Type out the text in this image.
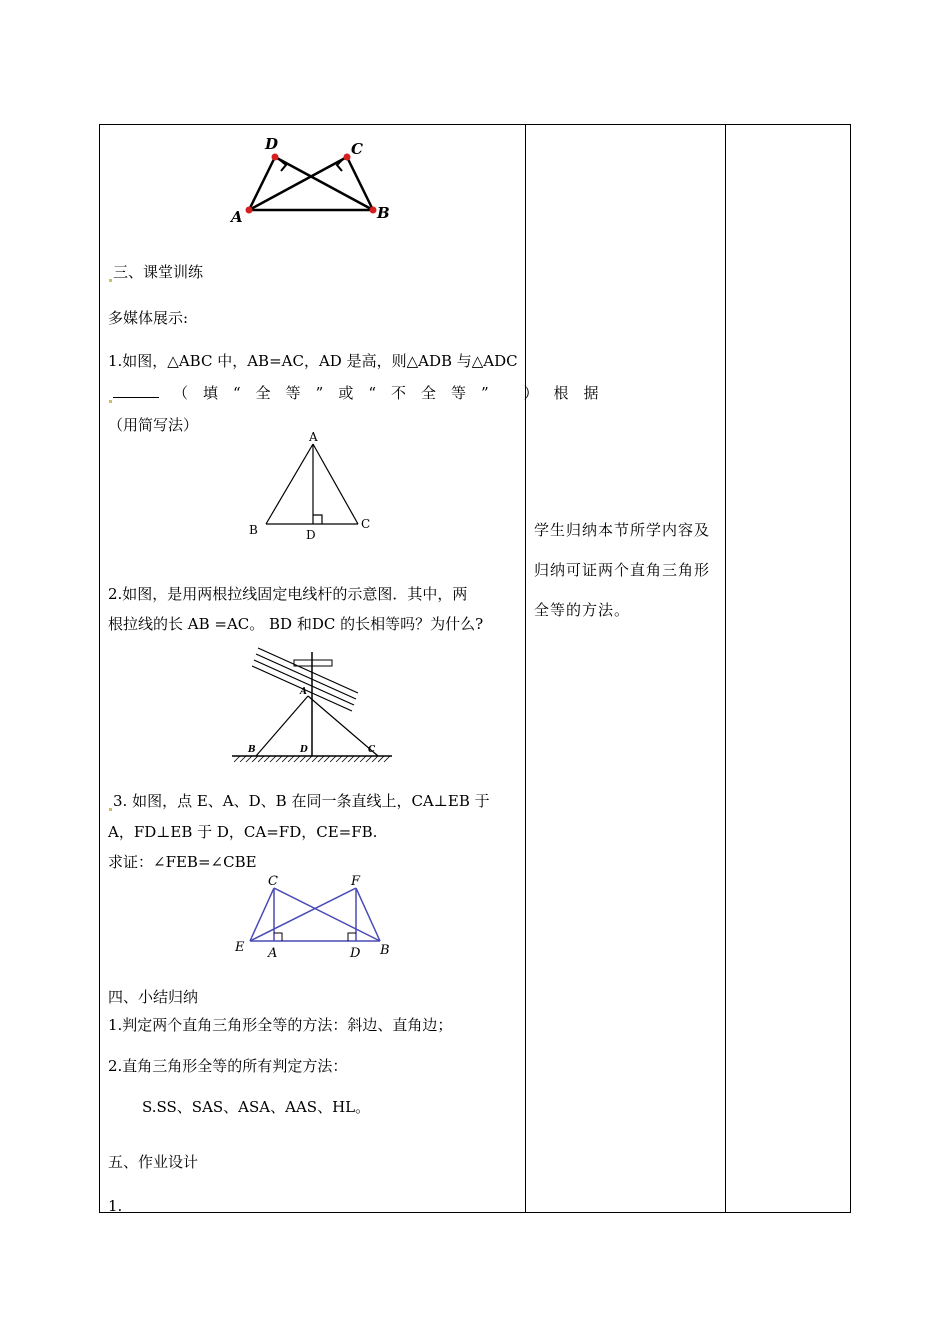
D	C
A	B
三、课堂训练
多媒体展示:
1.如图，△ABC 中，AB=AC，AD 是高，则△ADB 与△ADC
（填“全等”或“不全等” ）根据
（用简写法）
A
B	C
D
2.如图，是用两根拉线固定电线杆的示意图．其中，两
根拉线的长 AB =AC。 BD 和DC 的长相等吗？为什么?
A
B	D	C
3. 如图，点 E、A、D、B 在同一条直线上，CA⊥EB 于
A，FD⊥EB 于 D，CA=FD，CE=FB.
求证：∠FEB=∠CBE
C	F
E A	D B
四、小结归纳
1.判定两个直角三角形全等的方法：斜边、直角边；
2.直角三角形全等的所有判定方法：
S.SS、SAS、ASA、AAS、HL。
五、作业设计
1.
学生归纳本节所学内容及归纳可证两个直角三角形全等的方法。
